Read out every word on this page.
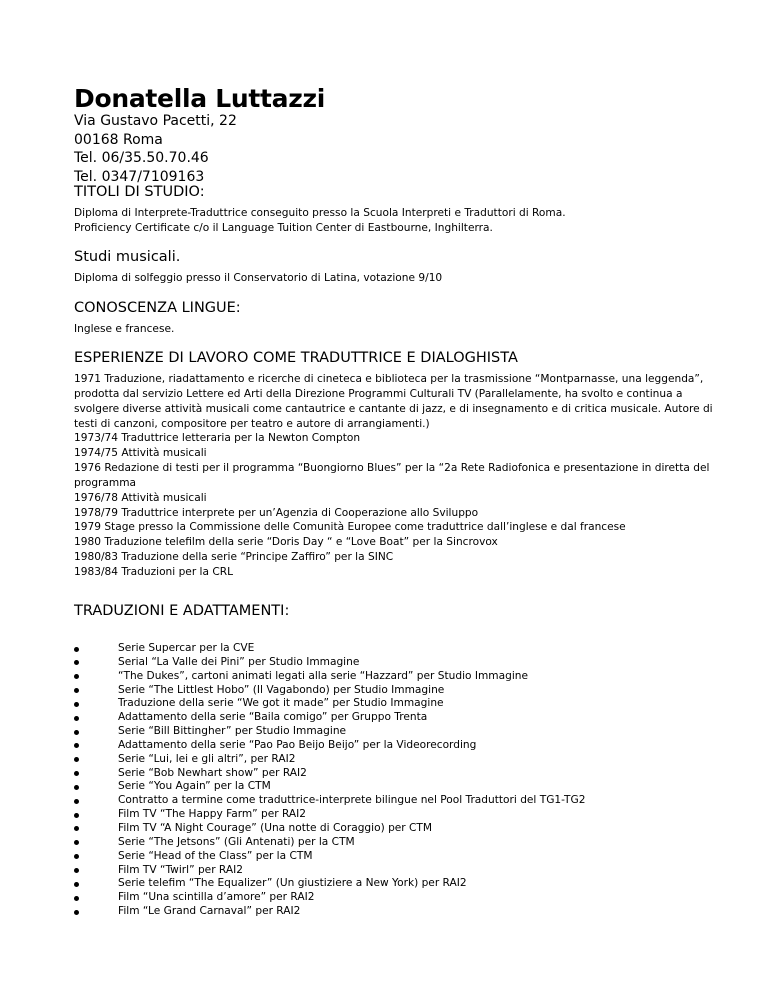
Donatella Luttazzi
Via Gustavo Pacetti, 22
00168 Roma
Tel. 06/35.50.70.46
Tel. 0347/7109163
TITOLI DI STUDIO:
Diploma di Interprete-Traduttrice conseguito presso la Scuola Interpreti e Traduttori di Roma.
Proficiency Certificate c/o il Language Tuition Center di Eastbourne, Inghilterra.
Studi musicali.
Diploma di solfeggio presso il Conservatorio di Latina, votazione 9/10
CONOSCENZA LINGUE:
Inglese e francese.
ESPERIENZE DI LAVORO COME TRADUTTRICE E DIALOGHISTA
1971 Traduzione, riadattamento e ricerche di cineteca e biblioteca per la trasmissione “Montparnasse, una leggenda”,
prodotta dal servizio Lettere ed Arti della Direzione Programmi Culturali TV (Parallelamente, ha svolto e continua a
svolgere diverse attività musicali come cantautrice e cantante di jazz, e di insegnamento e di critica musicale. Autore di
testi di canzoni, compositore per teatro e autore di arrangiamenti.)
1973/74 Traduttrice letteraria per la Newton Compton
1974/75 Attività musicali
1976 Redazione di testi per il programma “Buongiorno Blues” per la “2a Rete Radiofonica e presentazione in diretta del
programma
1976/78 Attività musicali
1978/79 Traduttrice interprete per un’Agenzia di Cooperazione allo Sviluppo
1979 Stage presso la Commissione delle Comunità Europee come traduttrice dall’inglese e dal francese
1980 Traduzione telefilm della serie “Doris Day “ e “Love Boat” per la Sincrovox
1980/83 Traduzione della serie “Principe Zaffiro” per la SINC
1983/84 Traduzioni per la CRL
TRADUZIONI E ADATTAMENTI:
Serie Supercar per la CVE
Serial “La Valle dei Pini” per Studio Immagine
“The Dukes”, cartoni animati legati alla serie “Hazzard” per Studio Immagine
Serie “The Littlest Hobo” (Il Vagabondo) per Studio Immagine
Traduzione della serie “We got it made” per Studio Immagine
Adattamento della serie “Baila comigo” per Gruppo Trenta
Serie “Bill Bittingher” per Studio Immagine
Adattamento della serie “Pao Pao Beijo Beijo” per la Videorecording
Serie “Lui, lei e gli altri”, per RAI2
Serie “Bob Newhart show” per RAI2
Serie “You Again” per la CTM
Contratto a termine come traduttrice-interprete bilingue nel Pool Traduttori del TG1-TG2
Film TV “The Happy Farm” per RAI2
Film TV “A Night Courage” (Una notte di Coraggio) per CTM
Serie “The Jetsons” (Gli Antenati) per la CTM
Serie “Head of the Class” per la CTM
Film TV “Twirl” per RAI2
Serie telefim “The Equalizer” (Un giustiziere a New York) per RAI2
Film “Una scintilla d’amore” per RAI2
Film “Le Grand Carnaval” per RAI2
